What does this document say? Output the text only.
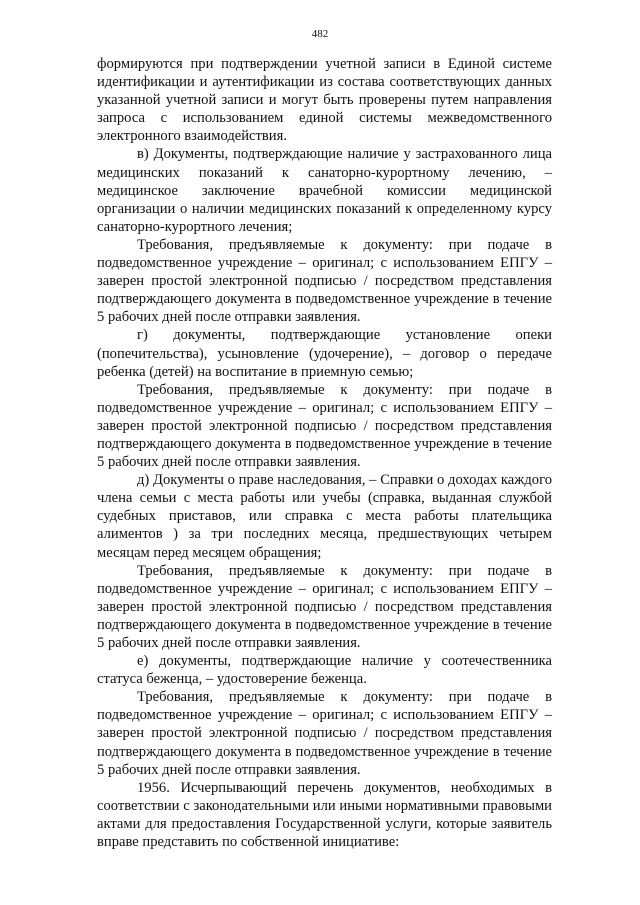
482

формируются при подтверждении учетной записи в Единой системе идентификации и аутентификации из состава соответствующих данных указанной учетной записи и могут быть проверены путем направления запроса с использованием единой системы межведомственного электронного взаимодействия.

в) Документы, подтверждающие наличие у застрахованного лица медицинских показаний к санаторно-курортному лечению, – медицинское заключение врачебной комиссии медицинской организации о наличии медицинских показаний к определенному курсу санаторно-курортного лечения;

Требования, предъявляемые к документу: при подаче в подведомственное учреждение – оригинал; с использованием ЕПГУ – заверен простой электронной подписью / посредством представления подтверждающего документа в подведомственное учреждение в течение 5 рабочих дней после отправки заявления.

г) документы, подтверждающие установление опеки (попечительства), усыновление (удочерение), – договор о передаче ребенка (детей) на воспитание в приемную семью;

Требования, предъявляемые к документу: при подаче в подведомственное учреждение – оригинал; с использованием ЕПГУ – заверен простой электронной подписью / посредством представления подтверждающего документа в подведомственное учреждение в течение 5 рабочих дней после отправки заявления.

д) Документы о праве наследования, – Справки о доходах каждого члена семьи с места работы или учебы (справка, выданная службой судебных приставов, или справка с места работы плательщика алиментов ) за три последних месяца, предшествующих четырем месяцам перед месяцем обращения;

Требования, предъявляемые к документу: при подаче в подведомственное учреждение – оригинал; с использованием ЕПГУ – заверен простой электронной подписью / посредством представления подтверждающего документа в подведомственное учреждение в течение 5 рабочих дней после отправки заявления.

е) документы, подтверждающие наличие у соотечественника статуса беженца, – удостоверение беженца.

Требования, предъявляемые к документу: при подаче в подведомственное учреждение – оригинал; с использованием ЕПГУ – заверен простой электронной подписью / посредством представления подтверждающего документа в подведомственное учреждение в течение 5 рабочих дней после отправки заявления.

1956. Исчерпывающий перечень документов, необходимых в соответствии с законодательными или иными нормативными правовыми актами для предоставления Государственной услуги, которые заявитель вправе представить по собственной инициативе:
